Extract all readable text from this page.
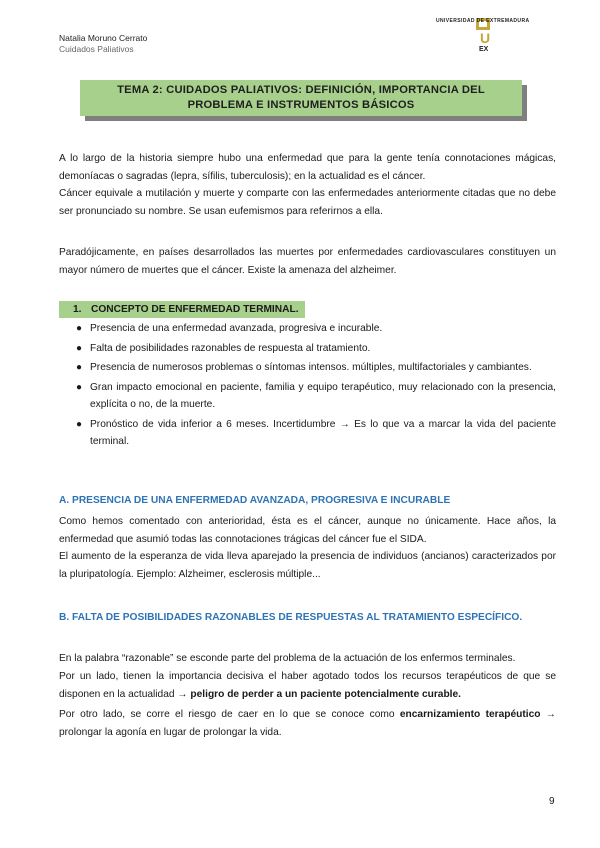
Natalia Moruno Cerrato
Cuidados Paliativos
UNIVERSIDAD DE EXTREMADURA
U
EX

TEMA 2: CUIDADOS PALIATIVOS: DEFINICIÓN, IMPORTANCIA DEL
PROBLEMA E INSTRUMENTOS BÁSICOS

A lo largo de la historia siempre hubo una enfermedad que para la gente tenía connotaciones mágicas, demoníacas o sagradas (lepra, sífilis, tuberculosis); en la actualidad es el cáncer.

Cáncer equivale a mutilación y muerte y comparte con las enfermedades anteriormente citadas que no debe ser pronunciado su nombre. Se usan eufemismos para referirnos a ella.

Paradójicamente, en países desarrollados las muertes por enfermedades cardiovasculares constituyen un mayor número de muertes que el cáncer. Existe la amenaza del alzheimer.

1. CONCEPTO DE ENFERMEDAD TERMINAL.
● Presencia de una enfermedad avanzada, progresiva e incurable.
● Falta de posibilidades razonables de respuesta al tratamiento.
● Presencia de numerosos problemas o síntomas intensos. múltiples, multifactoriales y cambiantes.
● Gran impacto emocional en paciente, familia y equipo terapéutico, muy relacionado con la presencia, explícita o no, de la muerte.
● Pronóstico de vida inferior a 6 meses. Incertidumbre → Es lo que va a marcar la vida del paciente terminal.

A. PRESENCIA DE UNA ENFERMEDAD AVANZADA, PROGRESIVA E INCURABLE

Como hemos comentado con anterioridad, ésta es el cáncer, aunque no únicamente. Hace años, la enfermedad que asumió todas las connotaciones trágicas del cáncer fue el SIDA.

El aumento de la esperanza de vida lleva aparejado la presencia de individuos (ancianos) caracterizados por la pluripatología. Ejemplo: Alzheimer, esclerosis múltiple...

B. FALTA DE POSIBILIDADES RAZONABLES DE RESPUESTAS AL TRATAMIENTO ESPECÍFICO.

En la palabra “razonable” se esconde parte del problema de la actuación de los enfermos terminales.

Por un lado, tienen la importancia decisiva el haber agotado todos los recursos terapéuticos de que se disponen en la actualidad → peligro de perder a un paciente potencialmente curable.

Por otro lado, se corre el riesgo de caer en lo que se conoce como encarnizamiento terapéutico → prolongar la agonía en lugar de prolongar la vida.

9
